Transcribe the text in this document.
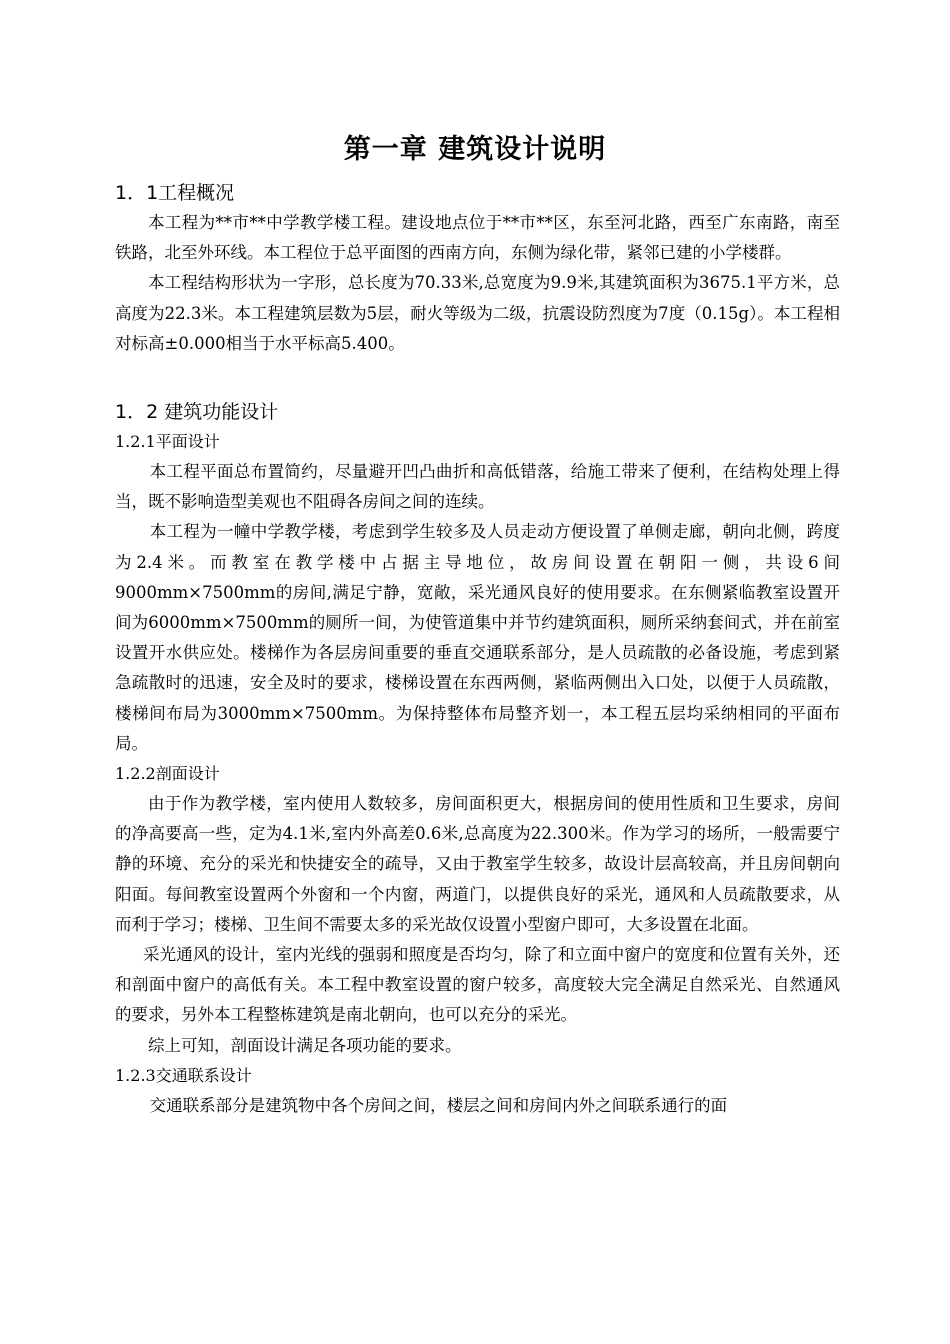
第一章 建筑设计说明
1．1工程概况

本工程为**市**中学教学楼工程。建设地点位于**市**区，东至河北路，西至广东南路，南至铁路，北至外环线。本工程位于总平面图的西南方向，东侧为绿化带，紧邻已建的小学楼群。

本工程结构形状为一字形，总长度为70.33米,总宽度为9.9米,其建筑面积为3675.1平方米，总高度为22.3米。本工程建筑层数为5层，耐火等级为二级，抗震设防烈度为7度（0.15g）。本工程相对标高±0.000相当于水平标高5.400。

1．2 建筑功能设计
1.2.1平面设计

本工程平面总布置简约，尽量避开凹凸曲折和高低错落，给施工带来了便利，在结构处理上得当，既不影响造型美观也不阻碍各房间之间的连续。

本工程为一幢中学教学楼，考虑到学生较多及人员走动方便设置了单侧走廊，朝向北侧，跨度为2.4米。而教室在教学楼中占据主导地位，故房间设置在朝阳一侧，共设6间9000mm×7500mm的房间,满足宁静，宽敞，采光通风良好的使用要求。在东侧紧临教室设置开间为6000mm×7500mm的厕所一间，为使管道集中并节约建筑面积，厕所采纳套间式，并在前室设置开水供应处。楼梯作为各层房间重要的垂直交通联系部分，是人员疏散的必备设施，考虑到紧急疏散时的迅速，安全及时的要求，楼梯设置在东西两侧，紧临两侧出入口处，以便于人员疏散，楼梯间布局为3000mm×7500mm。为保持整体布局整齐划一，本工程五层均采纳相同的平面布局。

1.2.2剖面设计

由于作为教学楼，室内使用人数较多，房间面积更大，根据房间的使用性质和卫生要求，房间的净高要高一些，定为4.1米,室内外高差0.6米,总高度为22.300米。作为学习的场所，一般需要宁静的环境、充分的采光和快捷安全的疏导，又由于教室学生较多，故设计层高较高，并且房间朝向阳面。每间教室设置两个外窗和一个内窗，两道门，以提供良好的采光，通风和人员疏散要求，从而利于学习；楼梯、卫生间不需要太多的采光故仅设置小型窗户即可，大多设置在北面。

采光通风的设计，室内光线的强弱和照度是否均匀，除了和立面中窗户的宽度和位置有关外，还和剖面中窗户的高低有关。本工程中教室设置的窗户较多，高度较大完全满足自然采光、自然通风的要求，另外本工程整栋建筑是南北朝向，也可以充分的采光。

综上可知，剖面设计满足各项功能的要求。

1.2.3交通联系设计

交通联系部分是建筑物中各个房间之间，楼层之间和房间内外之间联系通行的面
